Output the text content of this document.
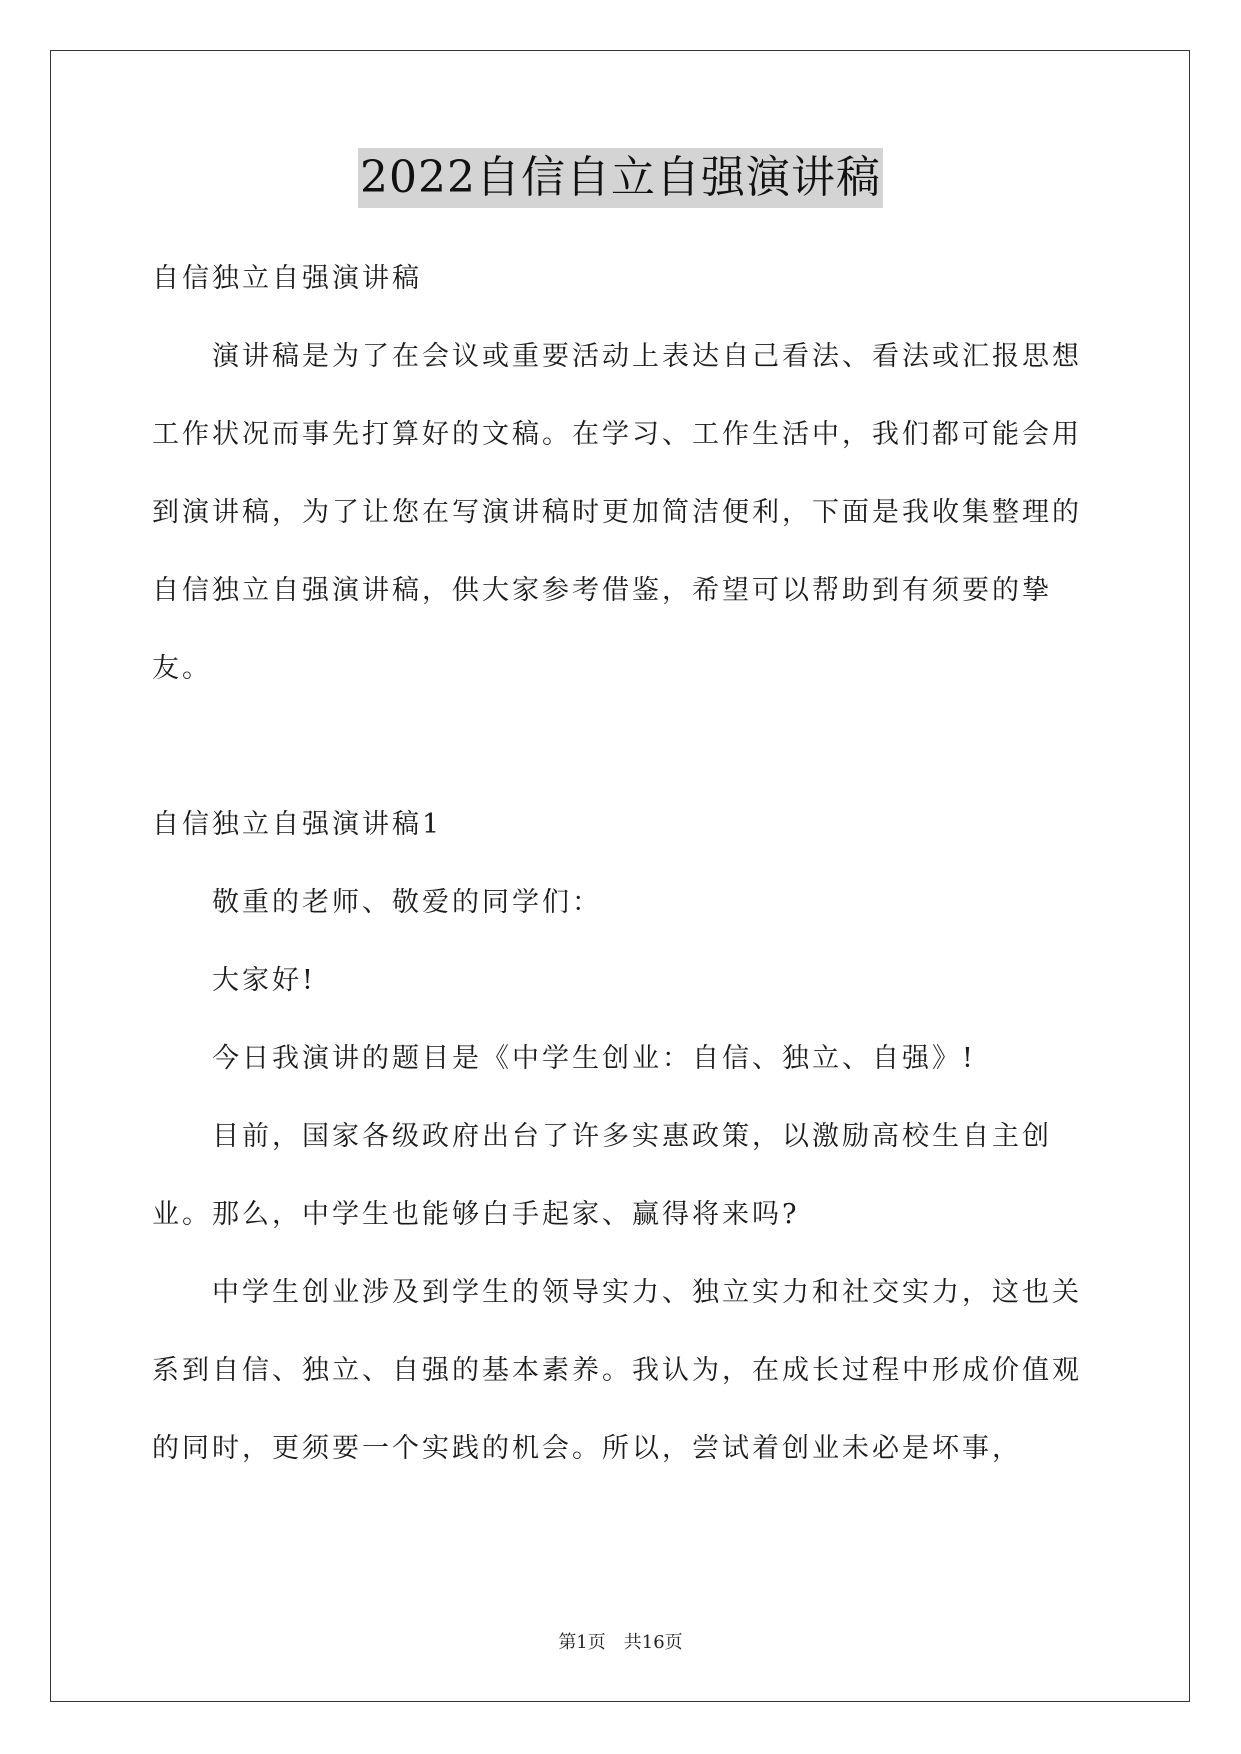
2022自信自立自强演讲稿

自信独立自强演讲稿

演讲稿是为了在会议或重要活动上表达自己看法、看法或汇报思想工作状况而事先打算好的文稿。在学习、工作生活中，我们都可能会用到演讲稿，为了让您在写演讲稿时更加简洁便利，下面是我收集整理的自信独立自强演讲稿，供大家参考借鉴，希望可以帮助到有须要的挚友。

自信独立自强演讲稿1

敬重的老师、敬爱的同学们：

大家好!

今日我演讲的题目是《中学生创业：自信、独立、自强》!

目前，国家各级政府出台了许多实惠政策，以激励高校生自主创业。那么，中学生也能够白手起家、赢得将来吗?

中学生创业涉及到学生的领导实力、独立实力和社交实力，这也关系到自信、独立、自强的基本素养。我认为，在成长过程中形成价值观的同时，更须要一个实践的机会。所以，尝试着创业未必是坏事，

第1页　共16页
